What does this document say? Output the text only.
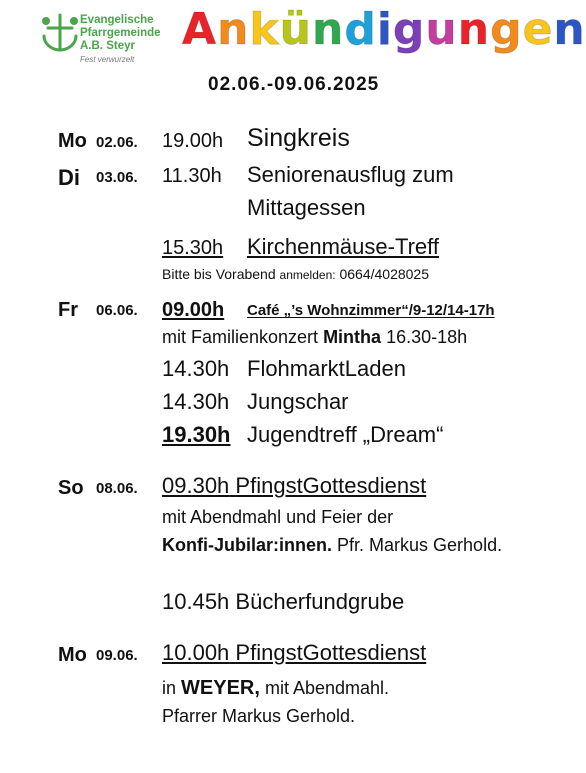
Evangelische
Pfarrgemeinde
A.B. Steyr
Fest verwurzelt
Ankündigungen
02.06.-09.06.2025
Mo 02.06. 19.00h Singkreis
Di 03.06. 11.30h Seniorenausflug zum
Mittagessen
15.30h Kirchenmäuse-Treff
Bitte bis Vorabend anmelden: 0664/4028025
Fr 06.06. 09.00h Café „’s Wohnzimmer“/9-12/14-17h
mit Familienkonzert Mintha 16.30-18h
14.30h FlohmarktLaden
14.30h Jungschar
19.30h Jugendtreff „Dream“
So 08.06. 09.30h PfingstGottesdienst
mit Abendmahl und Feier der
Konfi-Jubilar:innen. Pfr. Markus Gerhold.
10.45h Bücherfundgrube
Mo 09.06. 10.00h PfingstGottesdienst
in WEYER, mit Abendmahl.
Pfarrer Markus Gerhold.
